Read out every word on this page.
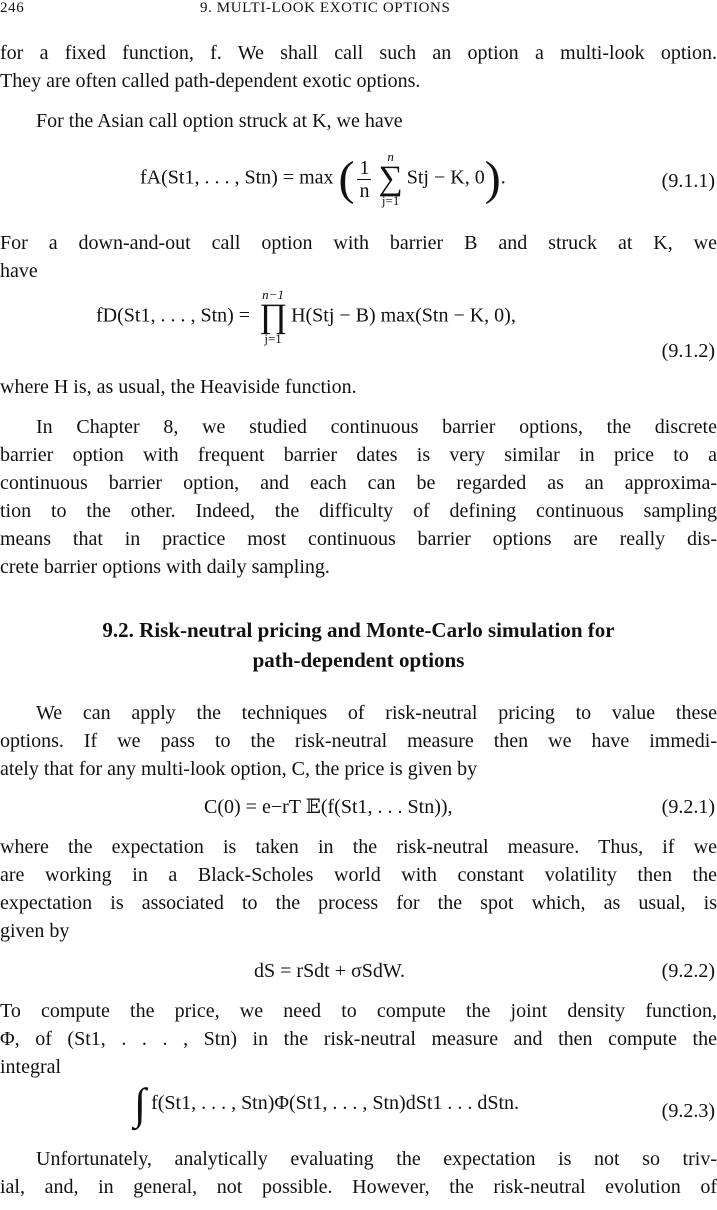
246	9. MULTI-LOOK EXOTIC OPTIONS
for a fixed function, f. We shall call such an option a multi-look option.
They are often called path-dependent exotic options.
For the Asian call option struck at K, we have
fA(St1, . . . , Stn) = max ( $\frac{1}{n}$	n
∑
j=1
Stj − K, 0).	(9.1.1)
For a down-and-out call option with barrier B and struck at K, we
have
fD(St1, . . . , Stn) =
n−1
∏
j=1
H(Stj − B) max(Stn − K, 0),
(9.1.2)
where H is, as usual, the Heaviside function.
In Chapter 8, we studied continuous barrier options, the discrete
barrier option with frequent barrier dates is very similar in price to a
continuous barrier option, and each can be regarded as an approxima-
tion to the other. Indeed, the difficulty of defining continuous sampling
means that in practice most continuous barrier options are really dis-
crete barrier options with daily sampling.
9.2. Risk-neutral pricing and Monte-Carlo simulation for
path-dependent options
We can apply the techniques of risk-neutral pricing to value these
options. If we pass to the risk-neutral measure then we have immedi-
ately that for any multi-look option, C, the price is given by
C(0) = e−rT 𝔼(f(St1, . . . Stn)),	(9.2.1)
where the expectation is taken in the risk-neutral measure. Thus, if we
are working in a Black-Scholes world with constant volatility then the
expectation is associated to the process for the spot which, as usual, is
given by
dS = rSdt + σSdW.	(9.2.2)
To compute the price, we need to compute the joint density function,
Φ, of (St1, . . . , Stn) in the risk-neutral measure and then compute the
integral
∫ f(St1, . . . , Stn)Φ(St1, . . . , Stn)dSt1 . . . dStn.	(9.2.3)
Unfortunately, analytically evaluating the expectation is not so triv-
ial, and, in general, not possible. However, the risk-neutral evolution of
